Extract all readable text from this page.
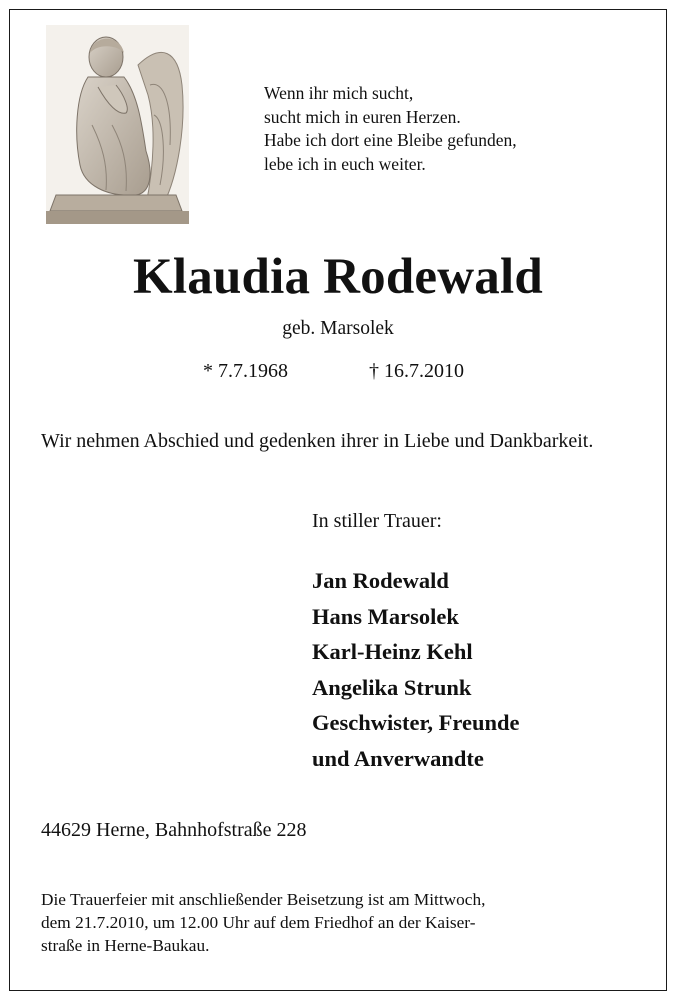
Wenn ihr mich sucht,
sucht mich in euren Herzen.
Habe ich dort eine Bleibe gefunden,
lebe ich in euch weiter.
Klaudia Rodewald
geb. Marsolek
* 7.7.1968	† 16.7.2010
Wir nehmen Abschied und gedenken ihrer in Liebe und Dankbarkeit.
In stiller Trauer:
Jan Rodewald
Hans Marsolek
Karl-Heinz Kehl
Angelika Strunk
Geschwister, Freunde
und Anverwandte
44629 Herne, Bahnhofstraße 228
Die Trauerfeier mit anschließender Beisetzung ist am Mittwoch,
dem 21.7.2010, um 12.00 Uhr auf dem Friedhof an der Kaiser-
straße in Herne-Baukau.
